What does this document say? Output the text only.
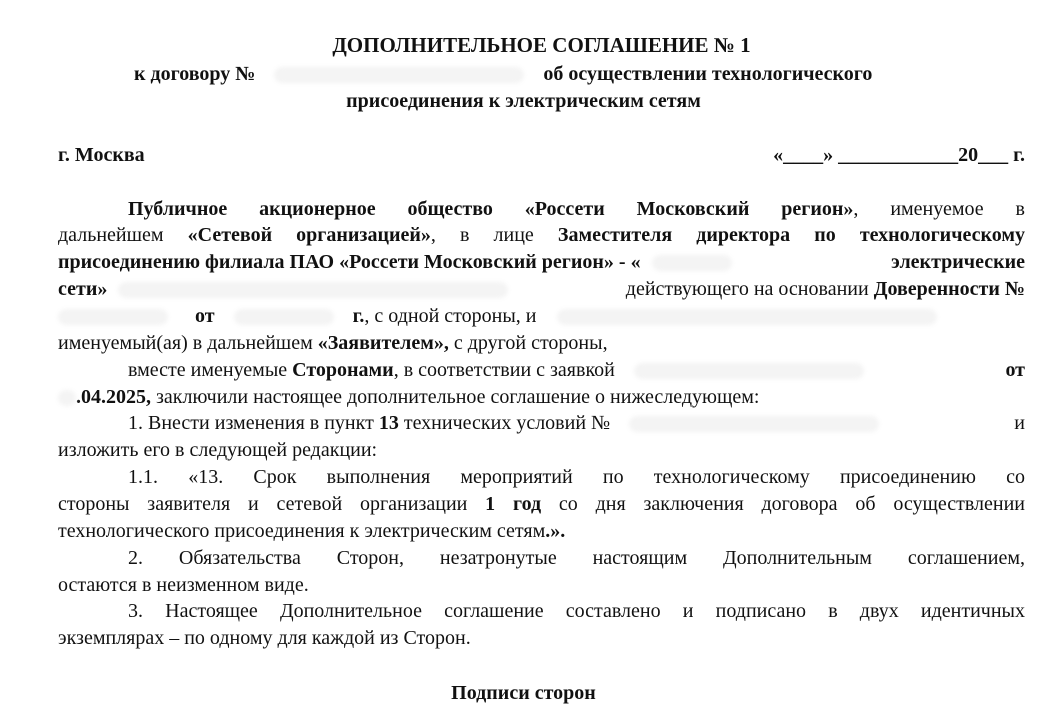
ДОПОЛНИТЕЛЬНОЕ СОГЛАШЕНИЕ № 1
к договору №	об осуществлении технологического
присоединения к электрическим сетям
г. Москва	«____» ____________20___ г.
Публичное акционерное общество «Россети Московский регион», именуемое в
дальнейшем «Сетевой организацией», в лице Заместителя директора по технологическому
присоединению филиала ПАО «Россети Московский регион» - «	электрические
сети»	действующего на основании Доверенности №
от	г., с одной стороны, и
именуемый(ая) в дальнейшем «Заявителем», с другой стороны,
вместе именуемые Сторонами, в соответствии с заявкой	от
.04.2025, заключили настоящее дополнительное соглашение о нижеследующем:
1. Внести изменения в пункт 13 технических условий №	и
изложить его в следующей редакции:
1.1. «13. Срок выполнения мероприятий по технологическому присоединению со
стороны заявителя и сетевой организации 1 год со дня заключения договора об осуществлении
технологического присоединения к электрическим сетям.».
2. Обязательства Сторон, незатронутые настоящим Дополнительным соглашением,
остаются в неизменном виде.
3. Настоящее Дополнительное соглашение составлено и подписано в двух идентичных
экземплярах – по одному для каждой из Сторон.
Подписи сторон
